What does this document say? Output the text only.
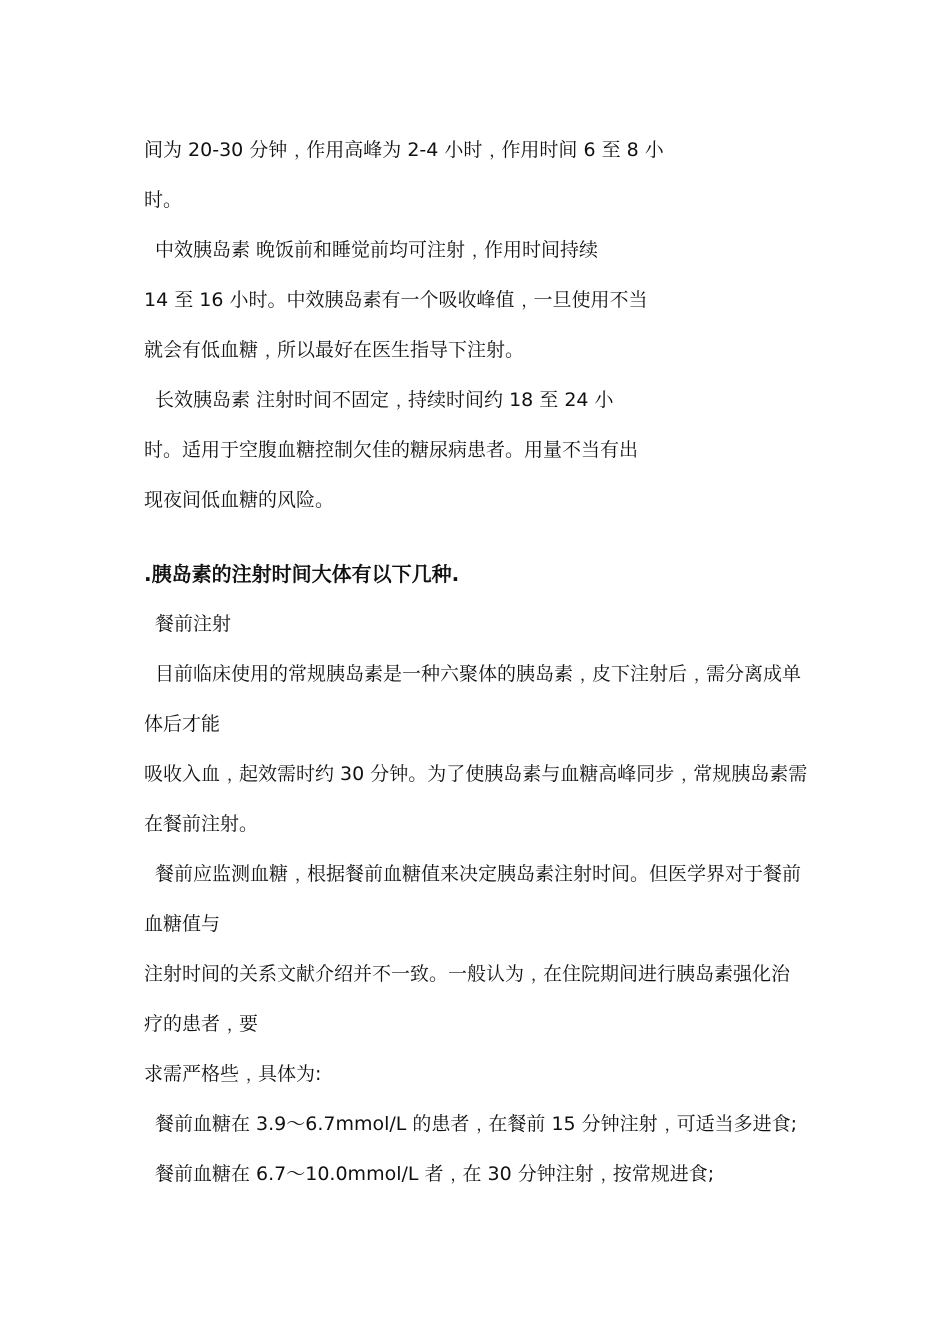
间为 20-30 分钟﹐作用高峰为 2-4 小时﹐作用时间 6 至 8 小
时。
中效胰岛素 晚饭前和睡觉前均可注射﹐作用时间持续
14 至 16 小时。中效胰岛素有一个吸收峰值﹐一旦使用不当
就会有低血糖﹐所以最好在医生指导下注射。
长效胰岛素 注射时间不固定﹐持续时间约 18 至 24 小
时。适用于空腹血糖控制欠佳的糖尿病患者。用量不当有出
现夜间低血糖的风险。
.胰岛素的注射时间大体有以下几种.
餐前注射
目前临床使用的常规胰岛素是一种六聚体的胰岛素﹐皮下注射后﹐需分离成单
体后才能
吸收入血﹐起效需时约 30 分钟。为了使胰岛素与血糖高峰同步﹐常规胰岛素需
在餐前注射。
餐前应监测血糖﹐根据餐前血糖值来决定胰岛素注射时间。但医学界对于餐前
血糖值与
注射时间的关系文献介绍并不一致。一般认为﹐在住院期间进行胰岛素强化治
疗的患者﹐要
求需严格些﹐具体为:
餐前血糖在 3.9～6.7mmol/L 的患者﹐在餐前 15 分钟注射﹐可适当多进食;
餐前血糖在 6.7～10.0mmol/L 者﹐在 30 分钟注射﹐按常规进食;
